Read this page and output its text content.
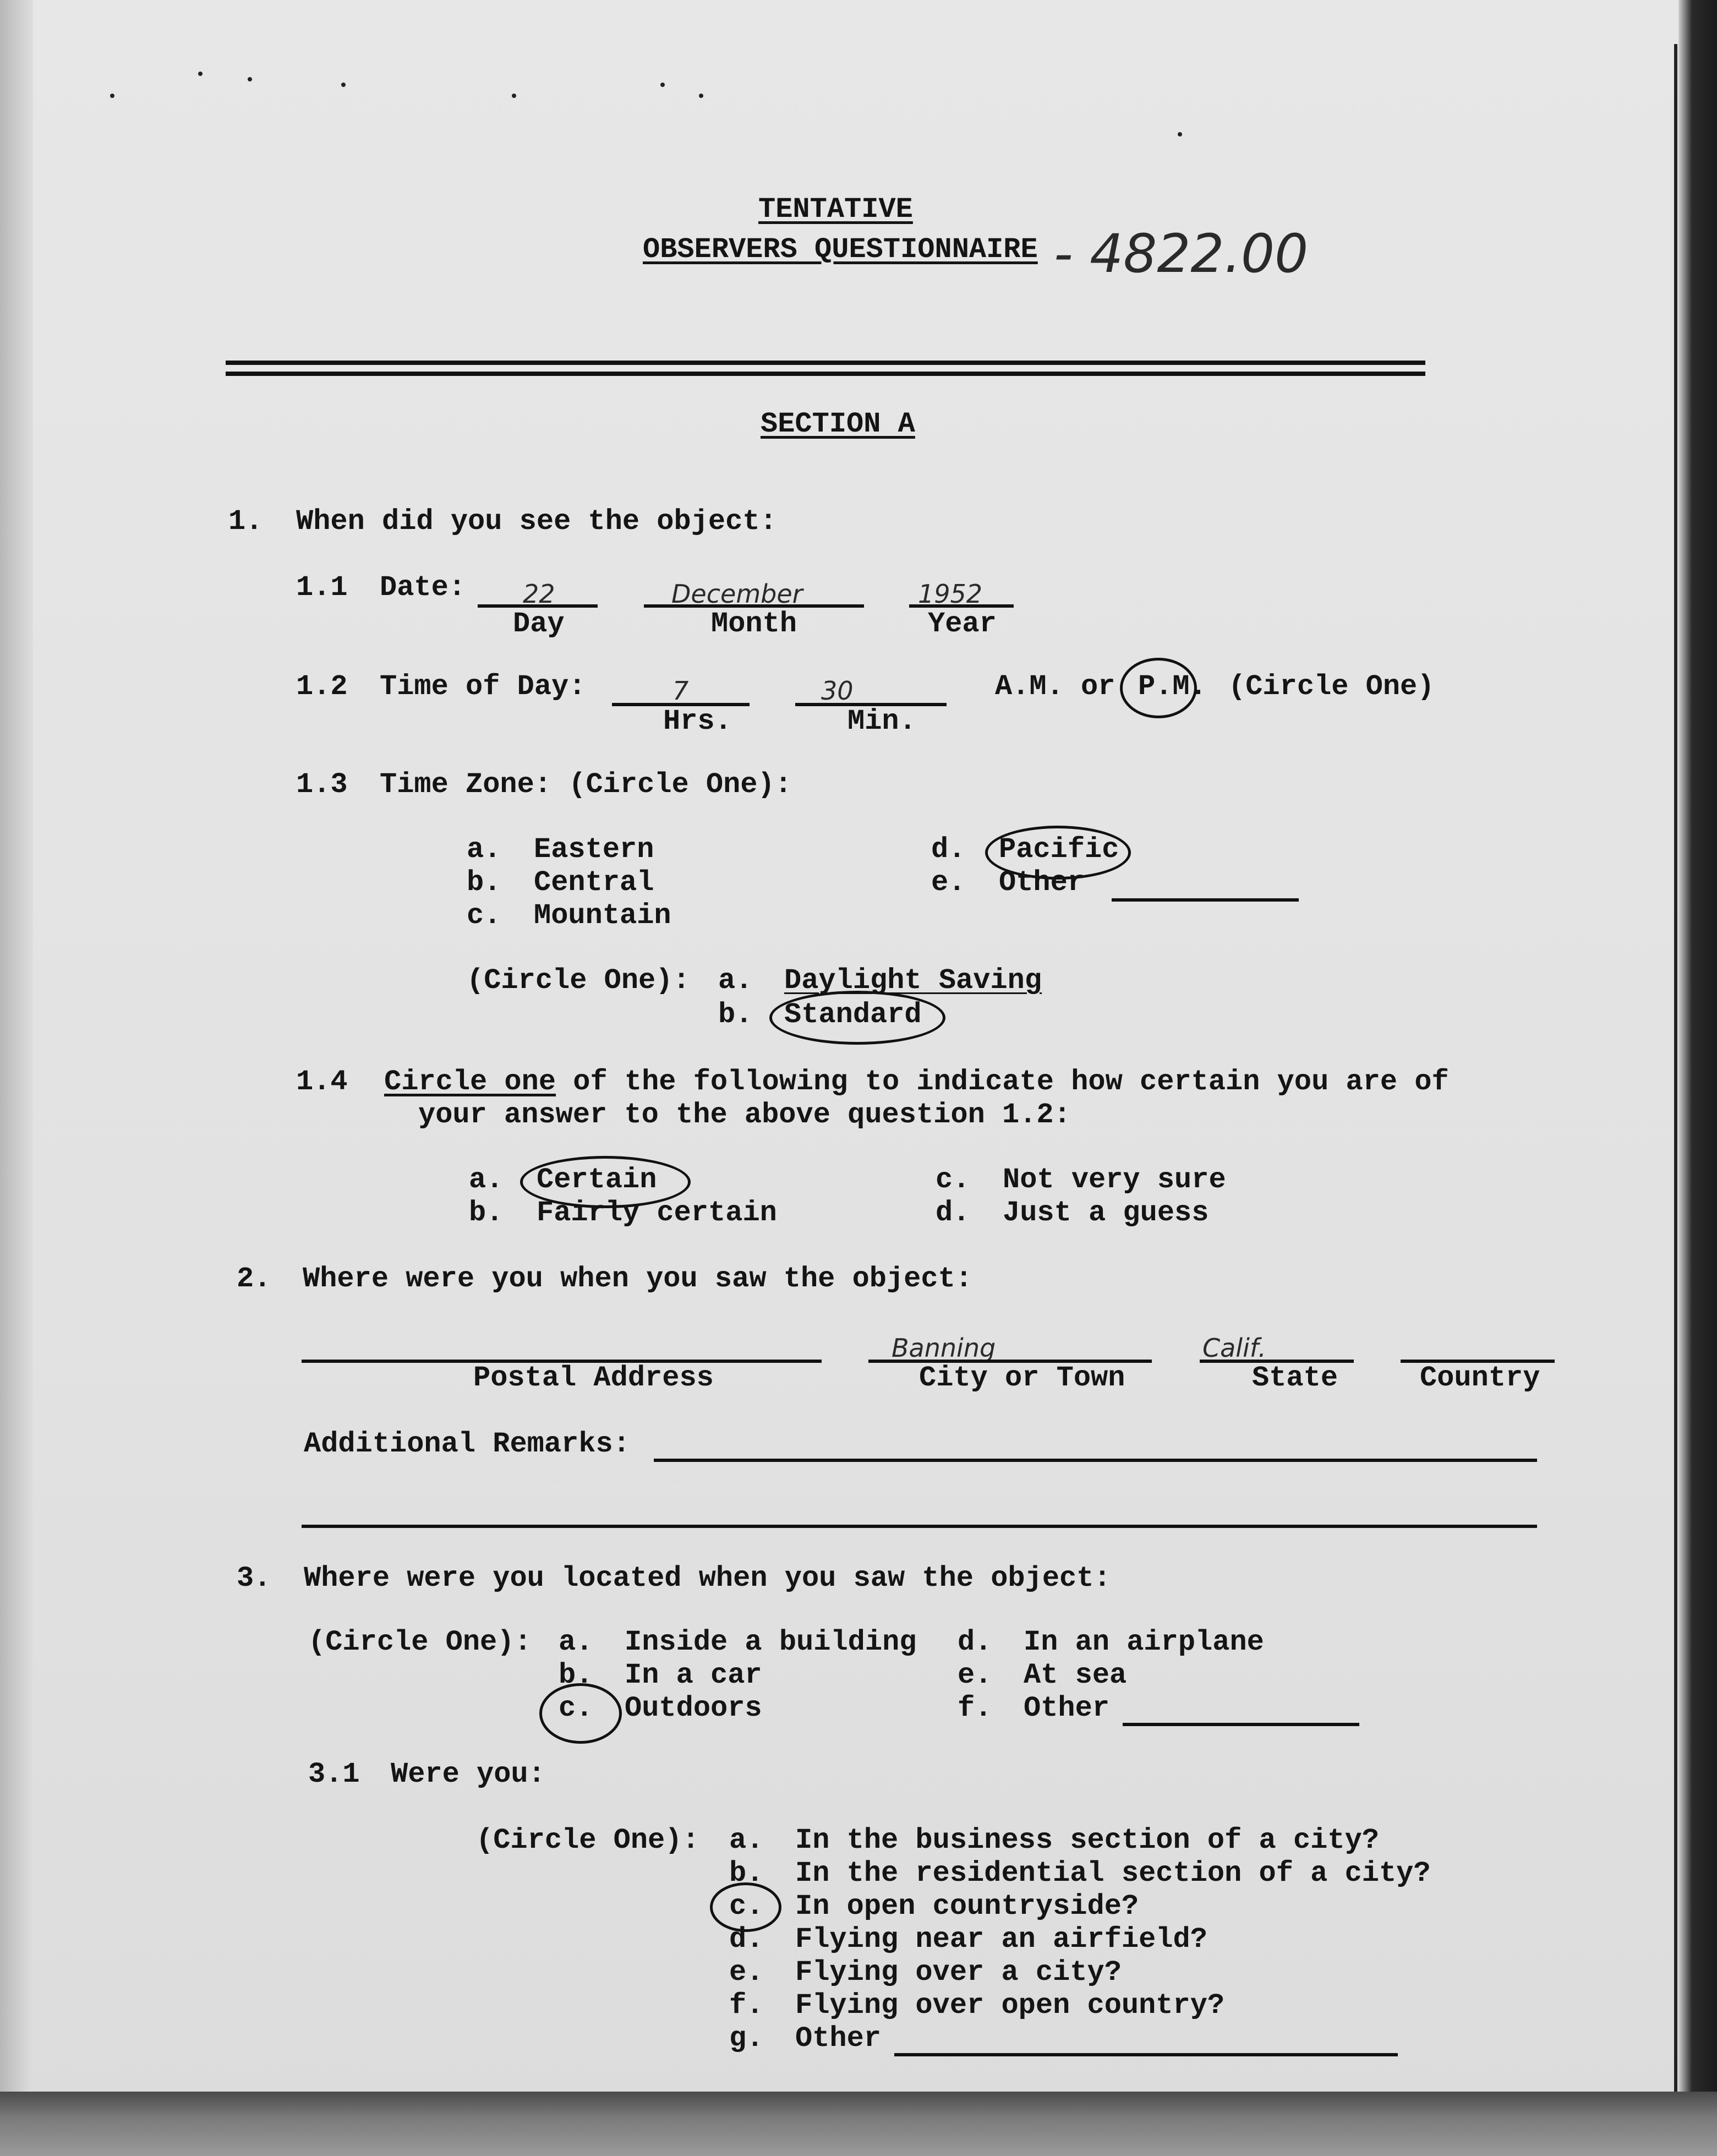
TENTATIVE
OBSERVERS QUESTIONNAIRE - 4822.00
SECTION A
1. When did you see the object:
1.1 Date: 22
Day
December
Month
1952
Year
1.2 Time of Day:	7
Hrs.
30
Min.
A.M. or P.M. (Circle One)
1.3 Time Zone: (Circle One):
a. Eastern
b. Central
c. Mountain
d. Pacific
e. Other
(Circle One): a. Daylight Saving
b. Standard
1.4 Circle one of the following to indicate how certain you are of
your answer to the above question 1.2:
a. Certain
b. Fairly certain
c. Not very sure
d. Just a guess
2. Where were you when you saw the object:
Postal Address
Banning
City or Town
Calif.
State	Country
Additional Remarks:
3. Where were you located when you saw the object:
(Circle One): a. Inside a building
b. In a car
c. Outdoors
d. In an airplane
e. At sea
f. Other
3.1 Were you:
(Circle One): a. In the business section of a city?
b. In the residential section of a city?
c. In open countryside?
d. Flying near an airfield?
e. Flying over a city?
f. Flying over open country?
g. Other
